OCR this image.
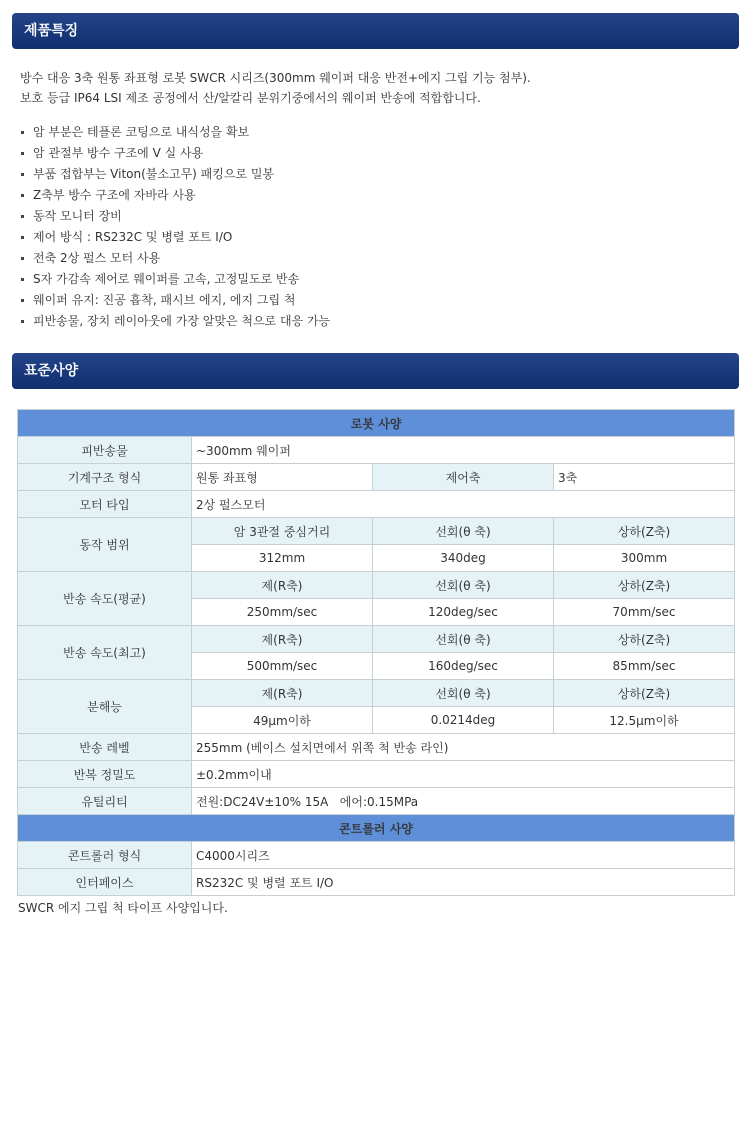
제품특징
방수 대응 3축 원통 좌표형 로봇 SWCR 시리즈(300mm 웨이퍼 대응 반전+에지 그립 기능 첨부).
보호 등급 IP64 LSI 제조 공정에서 산/알칼리 분위기중에서의 웨이퍼 반송에 적합합니다.
암 부분은 테플론 코팅으로 내식성을 확보
암 관절부 방수 구조에 V 실 사용
부품 접합부는 Viton(불소고무) 패킹으로 밀봉
Z축부 방수 구조에 자바라 사용
동작 모니터 장비
제어 방식 : RS232C 및 병렬 포트 I/O
전축 2상 펄스 모터 사용
S자 가감속 제어로 웨이퍼를 고속, 고정밀도로 반송
웨이퍼 유지: 진공 흡착, 패시브 에지, 에지 그립 척
피반송물, 장치 레이아웃에 가장 알맞은 척으로 대응 가능
표준사양
로봇 사양			
피반송물	~300mm 웨이퍼		
기계구조 형식	원통 좌표형	제어축	3축
모터 타입	2상 펄스모터		
동작 범위	암 3관절 중심거리	선회(θ 축)	상하(Z축)
	312mm	340deg	300mm
반송 속도(평균)	제(R축)	선회(θ 축)	상하(Z축)
	250mm/sec	120deg/sec	70mm/sec
반송 속도(최고)	제(R축)	선회(θ 축)	상하(Z축)
	500mm/sec	160deg/sec	85mm/sec
분해능	제(R축)	선회(θ 축)	상하(Z축)
	49μm이하	0.0214deg	12.5μm이하
반송 레벨	255mm (베이스 설치면에서 위쪽 척 반송 라인)		
반복 정밀도	±0.2mm이내		
유틸리티	전원:DC24V±10% 15A   에어:0.15MPa		
콘트롤러 사양			
콘트롤러 형식	C4000시리즈		
인터페이스	RS232C 및 병렬 포트 I/O		
SWCR 에지 그립 척 타이프 사양입니다.
